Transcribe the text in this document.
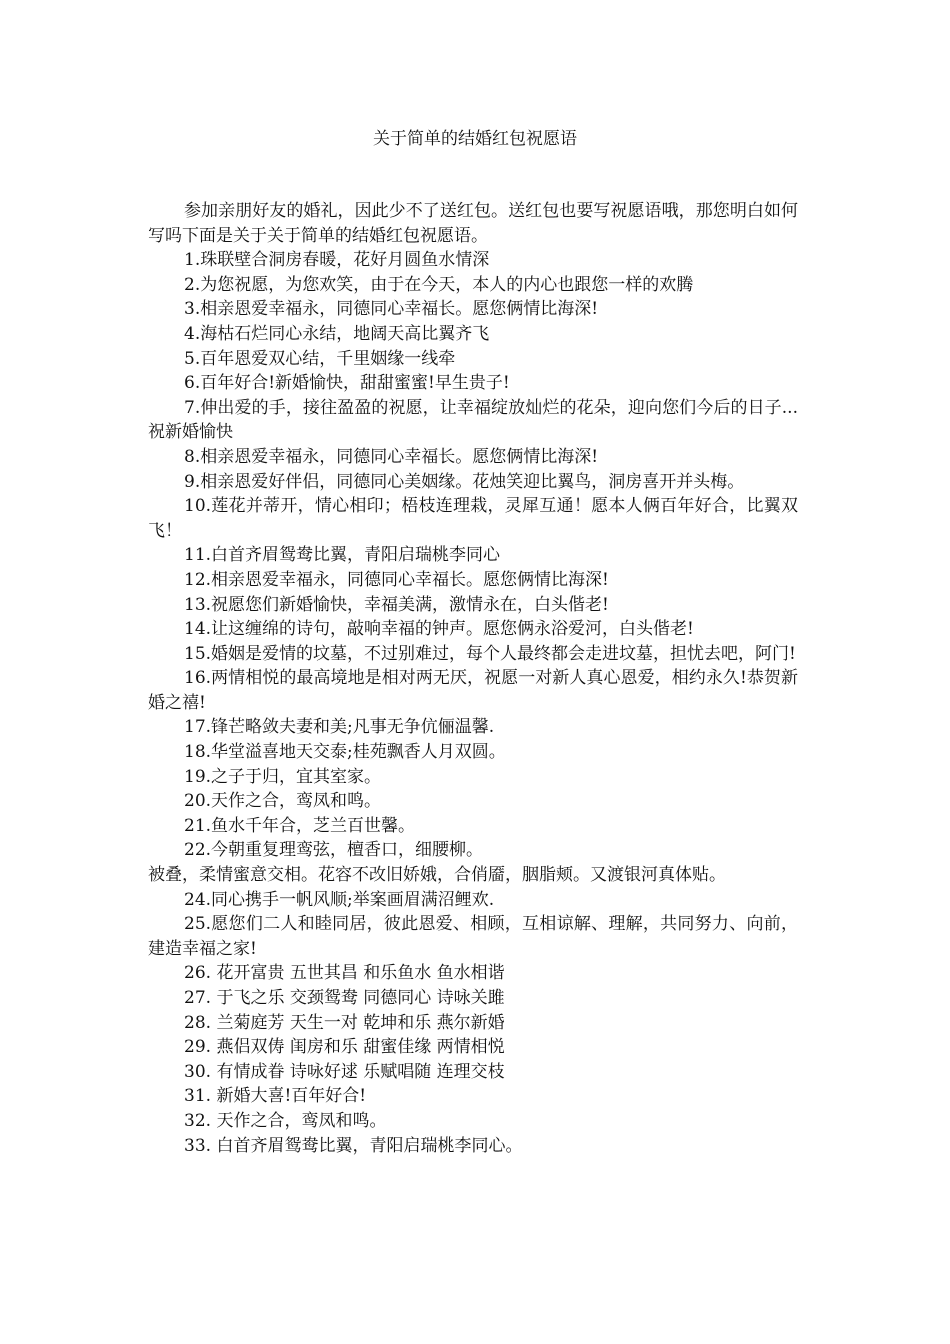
关于简单的结婚红包祝愿语

参加亲朋好友的婚礼，因此少不了送红包。送红包也要写祝愿语哦，那您明白如何写吗下面是关于关于简单的结婚红包祝愿语。

1.珠联壁合洞房春暖，花好月圆鱼水情深

2.为您祝愿，为您欢笑，由于在今天，本人的内心也跟您一样的欢腾

3.相亲恩爱幸福永，同德同心幸福长。愿您俩情比海深!

4.海枯石烂同心永结，地阔天高比翼齐飞

5.百年恩爱双心结，千里姻缘一线牵

6.百年好合!新婚愉快，甜甜蜜蜜!早生贵子!

7.伸出爱的手，接往盈盈的祝愿，让幸福绽放灿烂的花朵，迎向您们今后的日子...祝新婚愉快

8.相亲恩爱幸福永，同德同心幸福长。愿您俩情比海深!

9.相亲恩爱好伴侣，同德同心美姻缘。花烛笑迎比翼鸟，洞房喜开并头梅。

10.莲花并蒂开，情心相印；梧枝连理栽，灵犀互通！愿本人俩百年好合，比翼双飞！

11.白首齐眉鸳鸯比翼，青阳启瑞桃李同心

12.相亲恩爱幸福永，同德同心幸福长。愿您俩情比海深!

13.祝愿您们新婚愉快，幸福美满，激情永在，白头偕老!

14.让这缠绵的诗句，敲响幸福的钟声。愿您俩永浴爱河，白头偕老!

15.婚姻是爱情的坟墓，不过别难过，每个人最终都会走进坟墓，担忧去吧，阿门!

16.两情相悦的最高境地是相对两无厌，祝愿一对新人真心恩爱，相约永久!恭贺新婚之禧!

17.锋芒略敛夫妻和美;凡事无争伉俪温馨.

18.华堂溢喜地天交泰;桂苑飘香人月双圆。

19.之子于归，宜其室家。

20.天作之合，鸾凤和鸣。

21.鱼水千年合，芝兰百世馨。

22.今朝重复理鸾弦，檀香口，细腰柳。

被叠，柔情蜜意交相。花容不改旧娇娥，合俏靥，胭脂颊。又渡银河真体贴。

24.同心携手一帆风顺;举案画眉满沼鲤欢.

25.愿您们二人和睦同居，彼此恩爱、相顾，互相谅解、理解，共同努力、向前，建造幸福之家!

26. 花开富贵 五世其昌 和乐鱼水 鱼水相谐

27. 于飞之乐 交颈鸳鸯 同德同心 诗咏关雎

28. 兰菊庭芳 天生一对 乾坤和乐 燕尔新婚

29. 燕侣双俦 闺房和乐 甜蜜佳缘 两情相悦

30. 有情成眷 诗咏好逑 乐赋唱随 连理交枝

31. 新婚大喜!百年好合!

32. 天作之合，鸾凤和鸣。

33. 白首齐眉鸳鸯比翼，青阳启瑞桃李同心。
